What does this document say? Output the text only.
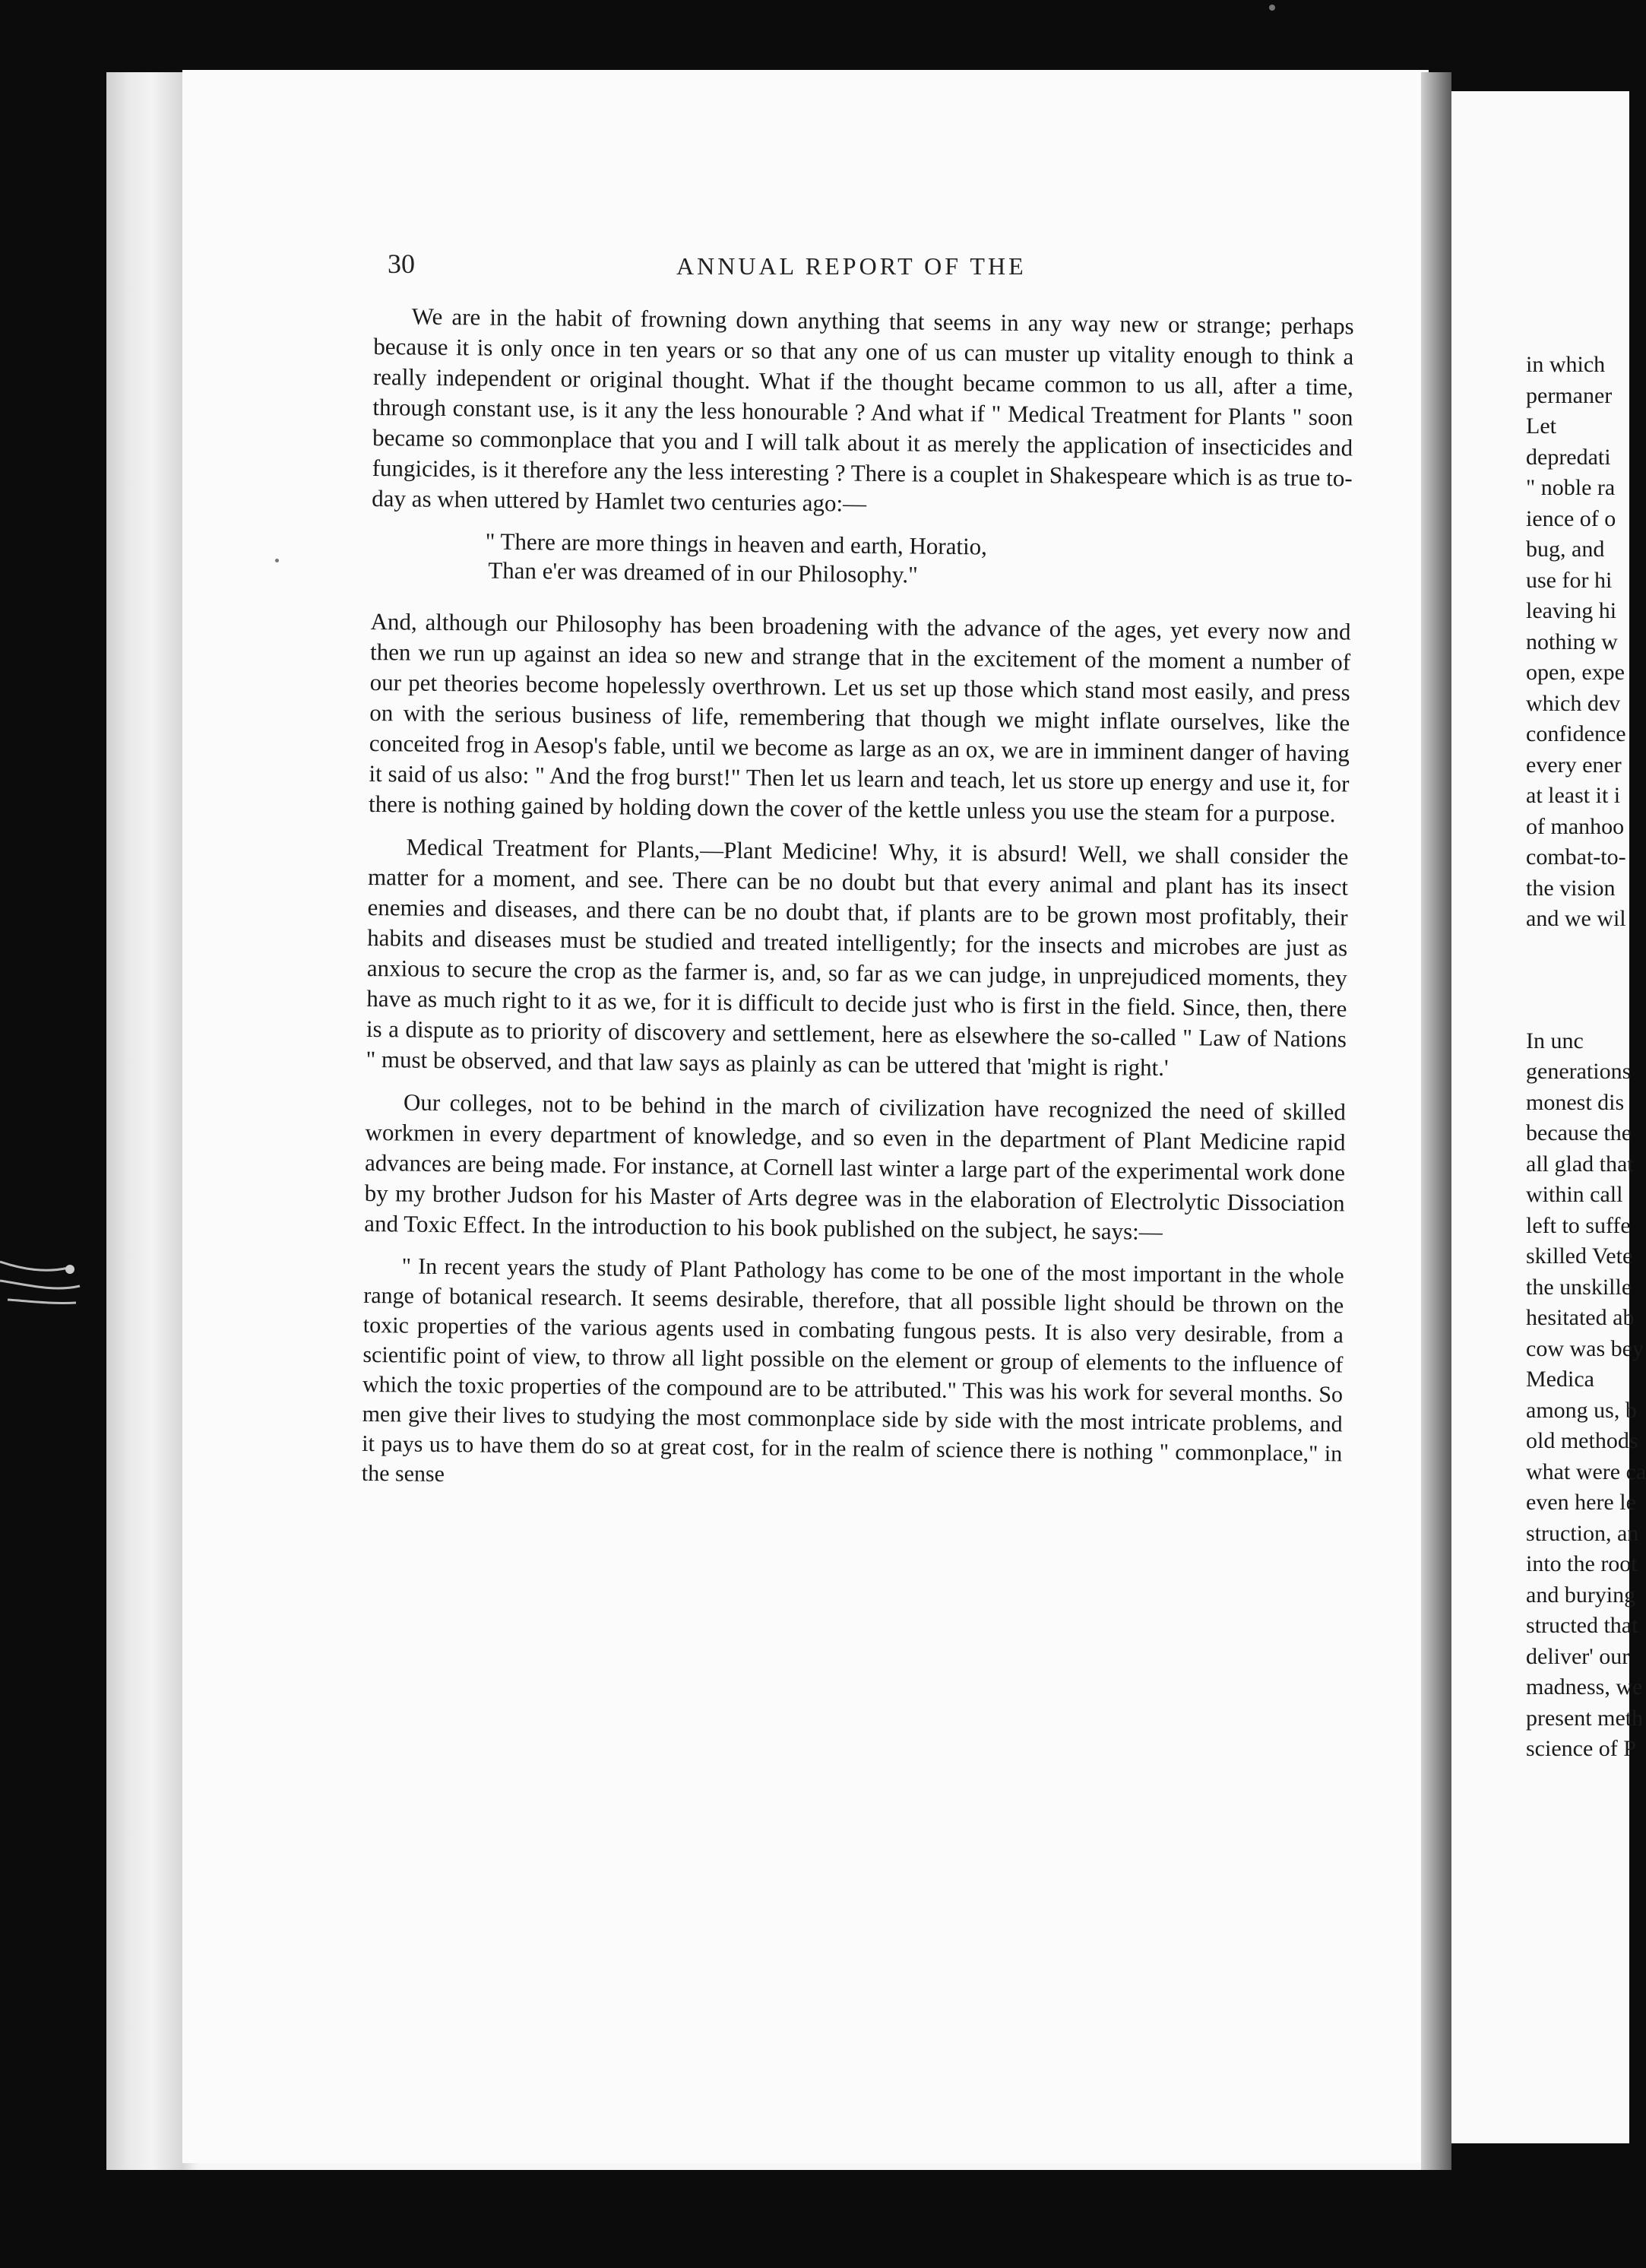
in which
permaner
Let
depredati
" noble ra
ience of o
bug, and
use for hi
leaving hi
nothing w
open, expe
which dev
confidence
every ener
at least it i
of manhoo
combat-to-
the vision
and we wil
In unc
generations
monest dis
because the
all glad that
within call
left to suffe
skilled Vete
the unskille
hesitated ab
cow was bey
Medica
among us, b
old methods
what were ca
even here le
struction, an
into the root
and burying
structed that
deliver' our
madness, we
present meth
science of P
30	ANNUAL REPORT OF THE

We are in the habit of frowning down anything that seems in any way new or strange; perhaps because it is only once in ten years or so that any one of us can muster up vitality enough to think a really independent or original thought. What if the thought became common to us all, after a time, through constant use, is it any the less honourable ? And what if " Medical Treatment for Plants " soon became so commonplace that you and I will talk about it as merely the application of insecticides and fungicides, is it therefore any the less interesting ? There is a couplet in Shakespeare which is as true to-day as when uttered by Hamlet two centuries ago:—

" There are more things in heaven and earth, Horatio,
Than e'er was dreamed of in our Philosophy."

And, although our Philosophy has been broadening with the advance of the ages, yet every now and then we run up against an idea so new and strange that in the excitement of the moment a number of our pet theories become hopelessly overthrown. Let us set up those which stand most easily, and press on with the serious business of life, remembering that though we might inflate ourselves, like the conceited frog in Aesop's fable, until we become as large as an ox, we are in imminent danger of having it said of us also: " And the frog burst!" Then let us learn and teach, let us store up energy and use it, for there is nothing gained by holding down the cover of the kettle unless you use the steam for a purpose.

Medical Treatment for Plants,—Plant Medicine! Why, it is absurd! Well, we shall consider the matter for a moment, and see. There can be no doubt but that every animal and plant has its insect enemies and diseases, and there can be no doubt that, if plants are to be grown most profitably, their habits and diseases must be studied and treated intelligently; for the insects and microbes are just as anxious to secure the crop as the farmer is, and, so far as we can judge, in unprejudiced moments, they have as much right to it as we, for it is difficult to decide just who is first in the field. Since, then, there is a dispute as to priority of discovery and settlement, here as elsewhere the so-called " Law of Nations " must be observed, and that law says as plainly as can be uttered that 'might is right.'

Our colleges, not to be behind in the march of civilization have recognized the need of skilled workmen in every department of knowledge, and so even in the department of Plant Medicine rapid advances are being made. For instance, at Cornell last winter a large part of the experimental work done by my brother Judson for his Master of Arts degree was in the elaboration of Electrolytic Dissociation and Toxic Effect. In the introduction to his book published on the subject, he says:—

" In recent years the study of Plant Pathology has come to be one of the most important in the whole range of botanical research. It seems desirable, therefore, that all possible light should be thrown on the toxic properties of the various agents used in combating fungous pests. It is also very desirable, from a scientific point of view, to throw all light possible on the element or group of elements to the influence of which the toxic properties of the compound are to be attributed." This was his work for several months. So men give their lives to studying the most commonplace side by side with the most intricate problems, and it pays us to have them do so at great cost, for in the realm of science there is nothing " commonplace," in the sense
